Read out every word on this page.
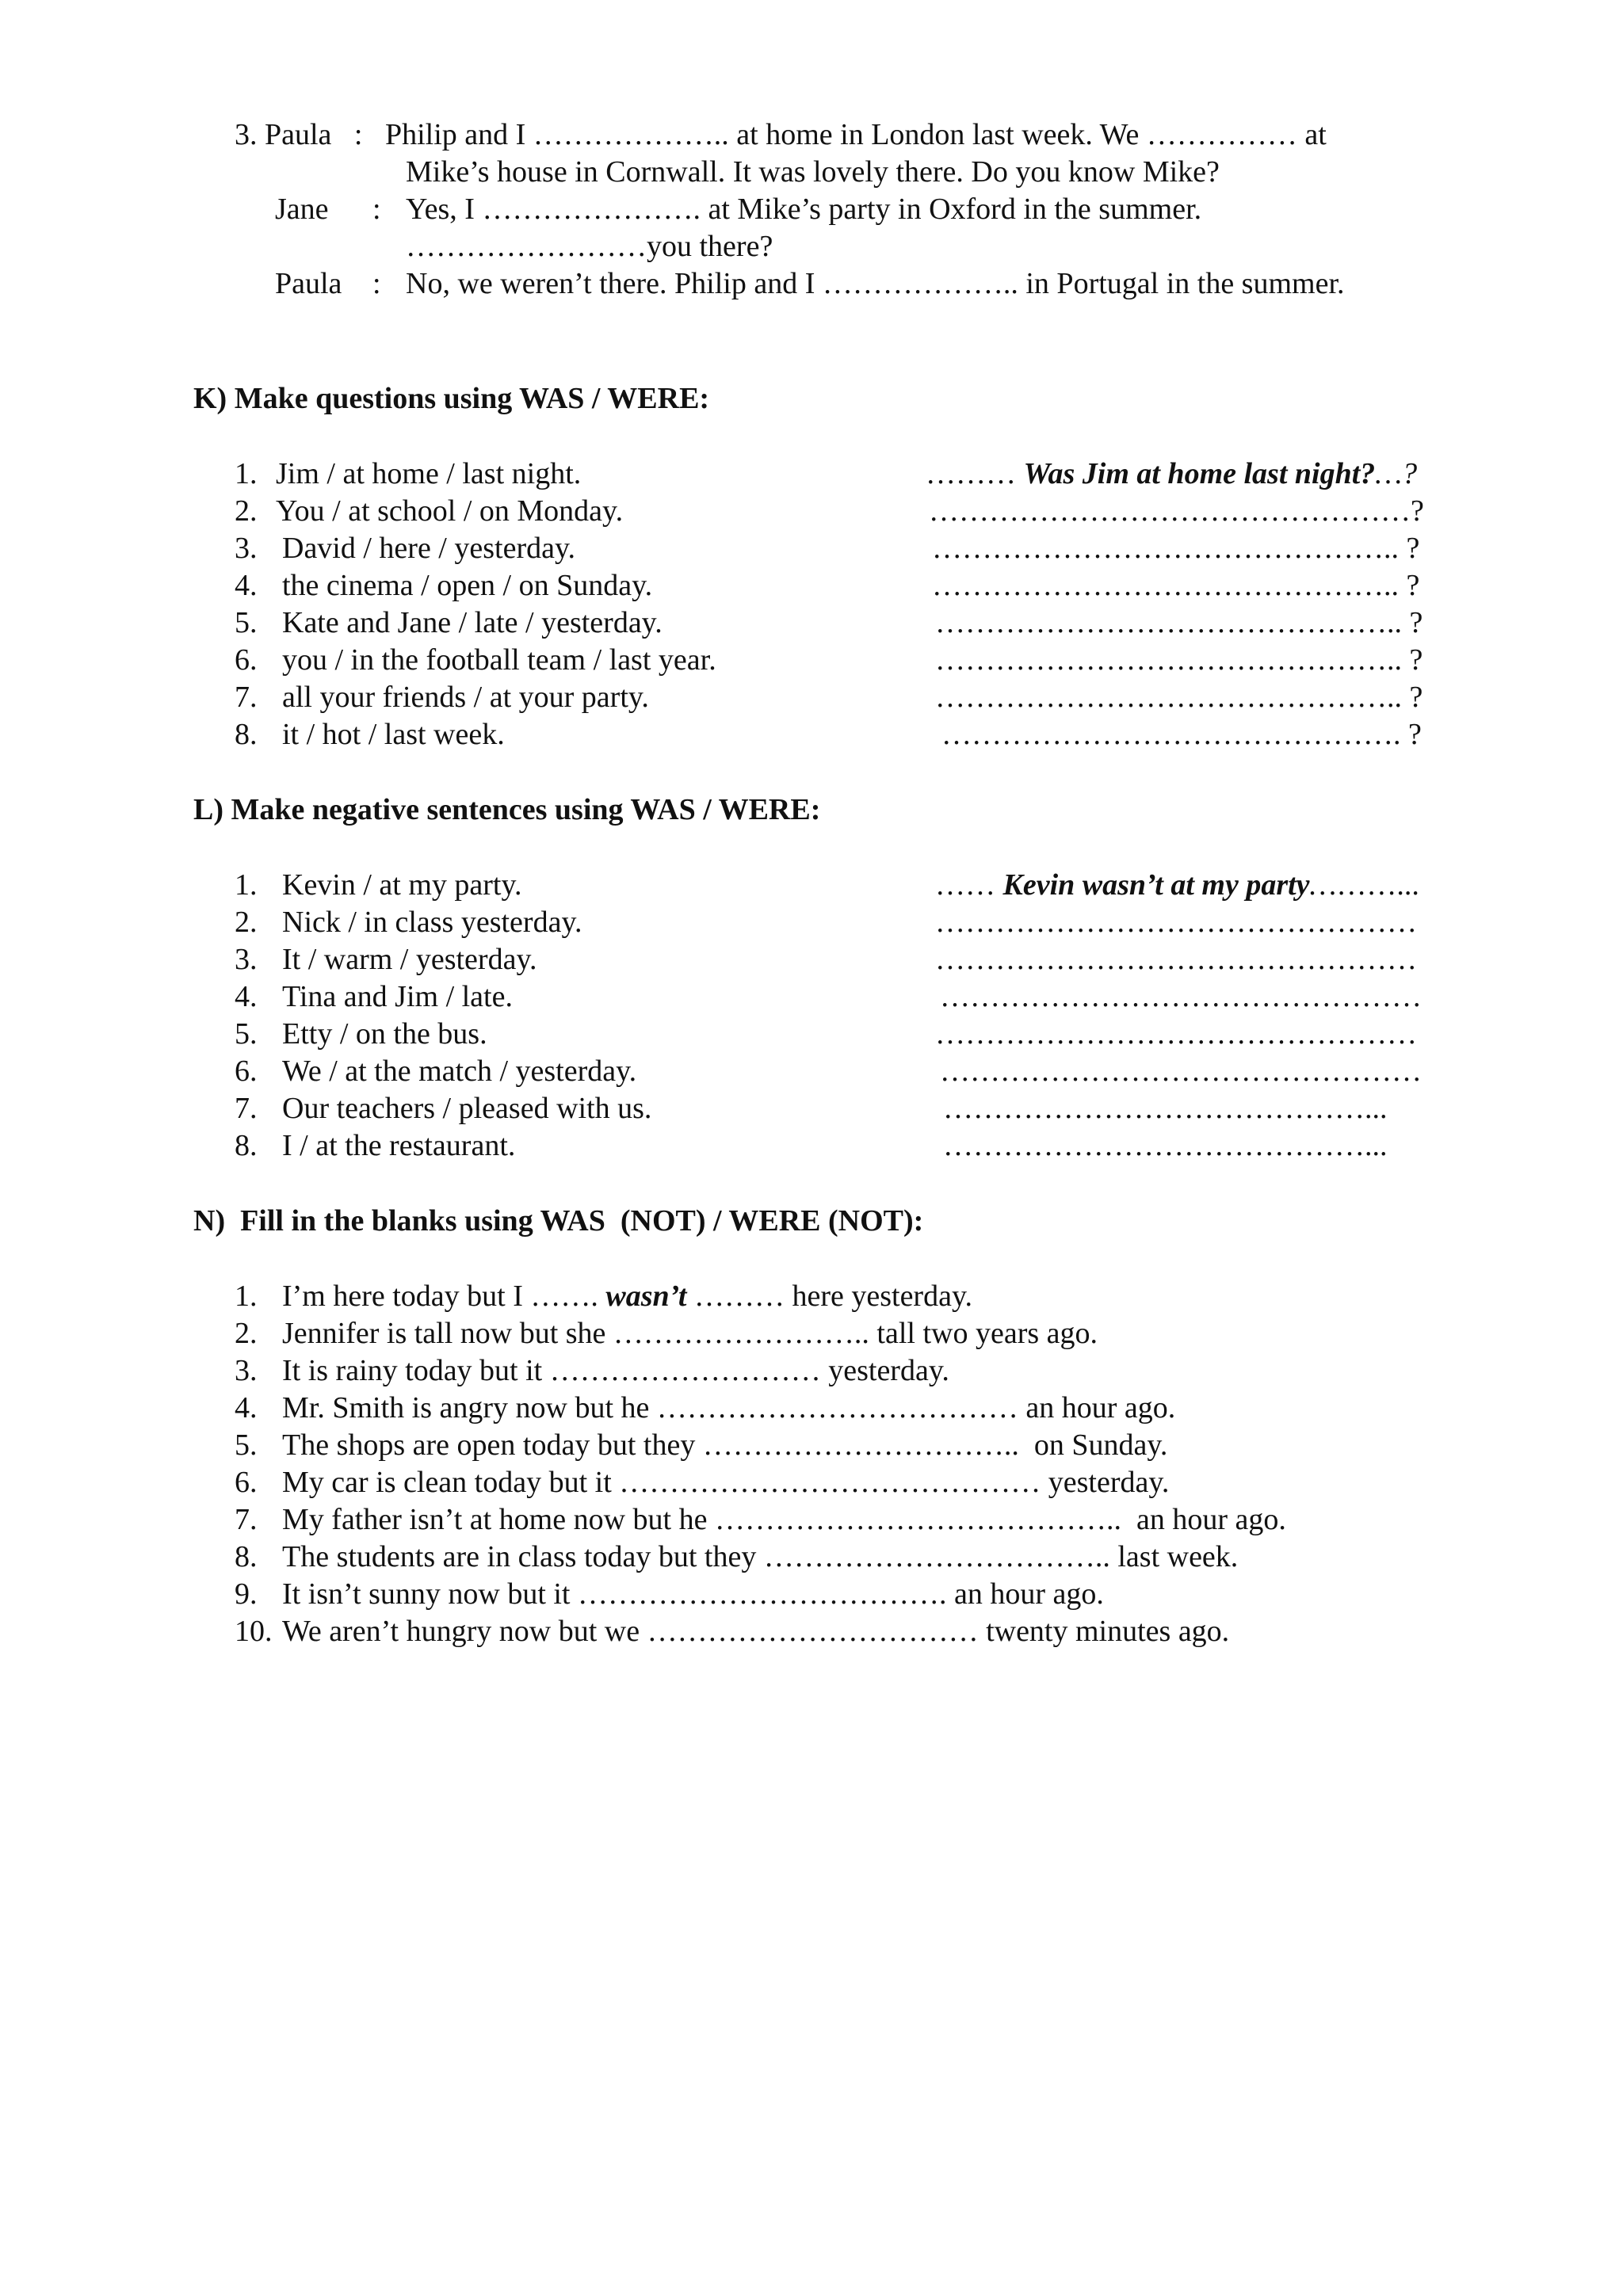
3. Paula   :   Philip and I ……………….. at home in London last week. We …………… at
Mike’s house in Cornwall. It was lovely there. Do you know Mike?
Jane : Yes, I …………………. at Mike’s party in Oxford in the summer.
……………………you there?
Paula : No, we weren’t there. Philip and I ……………….. in Portugal in the summer.
K) Make questions using WAS / WERE:
1. Jim / at home / last night.	……… Was Jim at home last night?…?
2. You / at school / on Monday.	…………………………………………?
3. David / here / yesterday.	……………………………………….. ?
4. the cinema / open / on Sunday.	……………………………………….. ?
5. Kate and Jane / late / yesterday.	……………………………………….. ?
6. you / in the football team / last year.	……………………………………….. ?
7. all your friends / at your party.	……………………………………….. ?
8. it / hot / last week.	………………………………………. ?
L) Make negative sentences using WAS / WERE:
1. Kevin / at my party.	…… Kevin wasn’t at my party………...
2. Nick / in class yesterday.	…………………………………………
3. It / warm / yesterday.	…………………………………………
4. Tina and Jim / late.	…………………………………………
5. Etty / on the bus.	…………………………………………
6. We / at the match / yesterday.	…………………………………………
7. Our teachers / pleased with us.	……………………………………...
8. I / at the restaurant.	……………………………………...
N)  Fill in the blanks using WAS  (NOT) / WERE (NOT):
1. I’m here today but I ……. wasn’t ……… here yesterday.
2. Jennifer is tall now but she …………………….. tall two years ago.
3. It is rainy today but it ……………………… yesterday.
4. Mr. Smith is angry now but he ……………………………… an hour ago.
5. The shops are open today but they …………………………..  on Sunday.
6. My car is clean today but it …………………………………… yesterday.
7. My father isn’t at home now but he …………………………………..  an hour ago.
8. The students are in class today but they …………………………….. last week.
9. It isn’t sunny now but it ………………………………. an hour ago.
10. We aren’t hungry now but we …………………………… twenty minutes ago.
